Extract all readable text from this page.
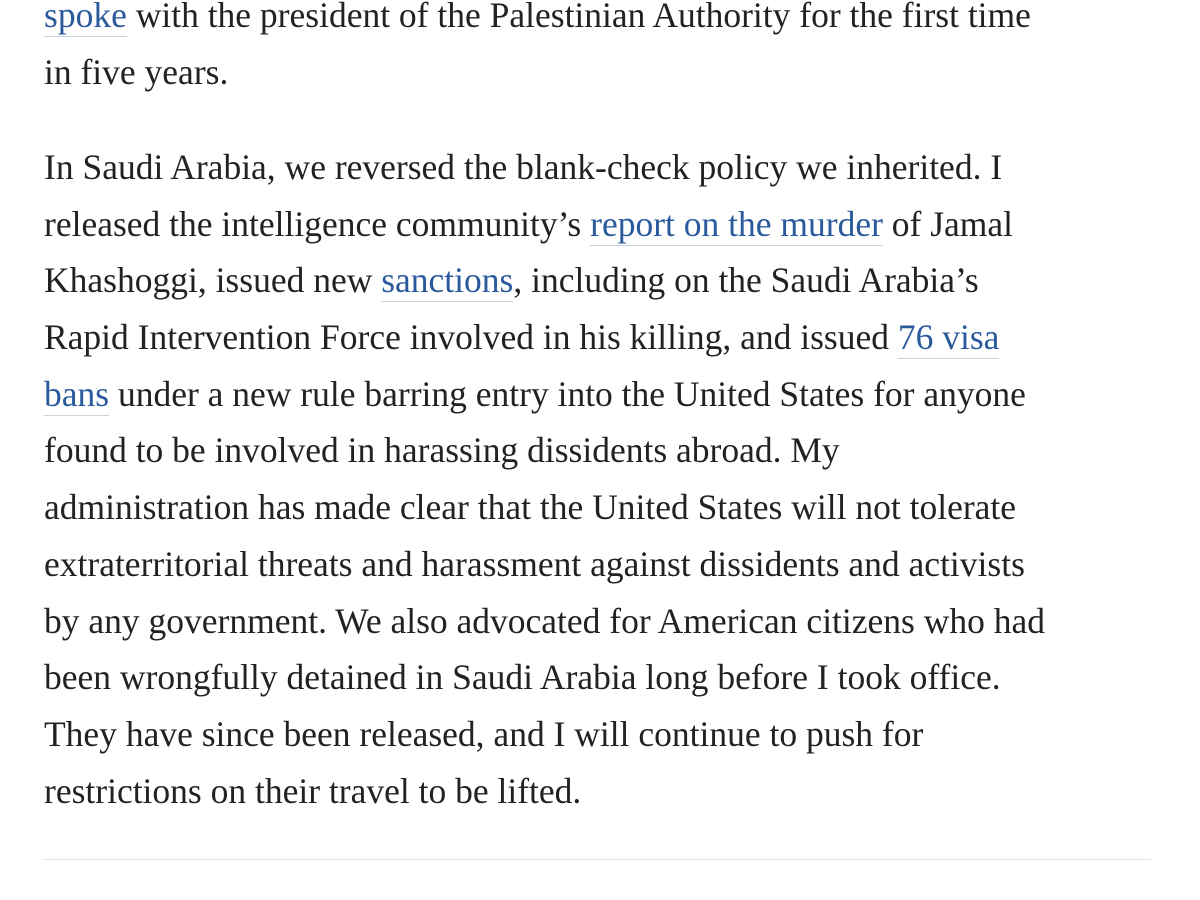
spoke with the president of the Palestinian Authority for the first time
in five years.

In Saudi Arabia, we reversed the blank-check policy we inherited. I
released the intelligence community’s report on the murder of Jamal
Khashoggi, issued new sanctions, including on the Saudi Arabia’s
Rapid Intervention Force involved in his killing, and issued 76 visa
bans under a new rule barring entry into the United States for anyone
found to be involved in harassing dissidents abroad. My
administration has made clear that the United States will not tolerate
extraterritorial threats and harassment against dissidents and activists
by any government. We also advocated for American citizens who had
been wrongfully detained in Saudi Arabia long before I took office.
They have since been released, and I will continue to push for
restrictions on their travel to be lifted.
